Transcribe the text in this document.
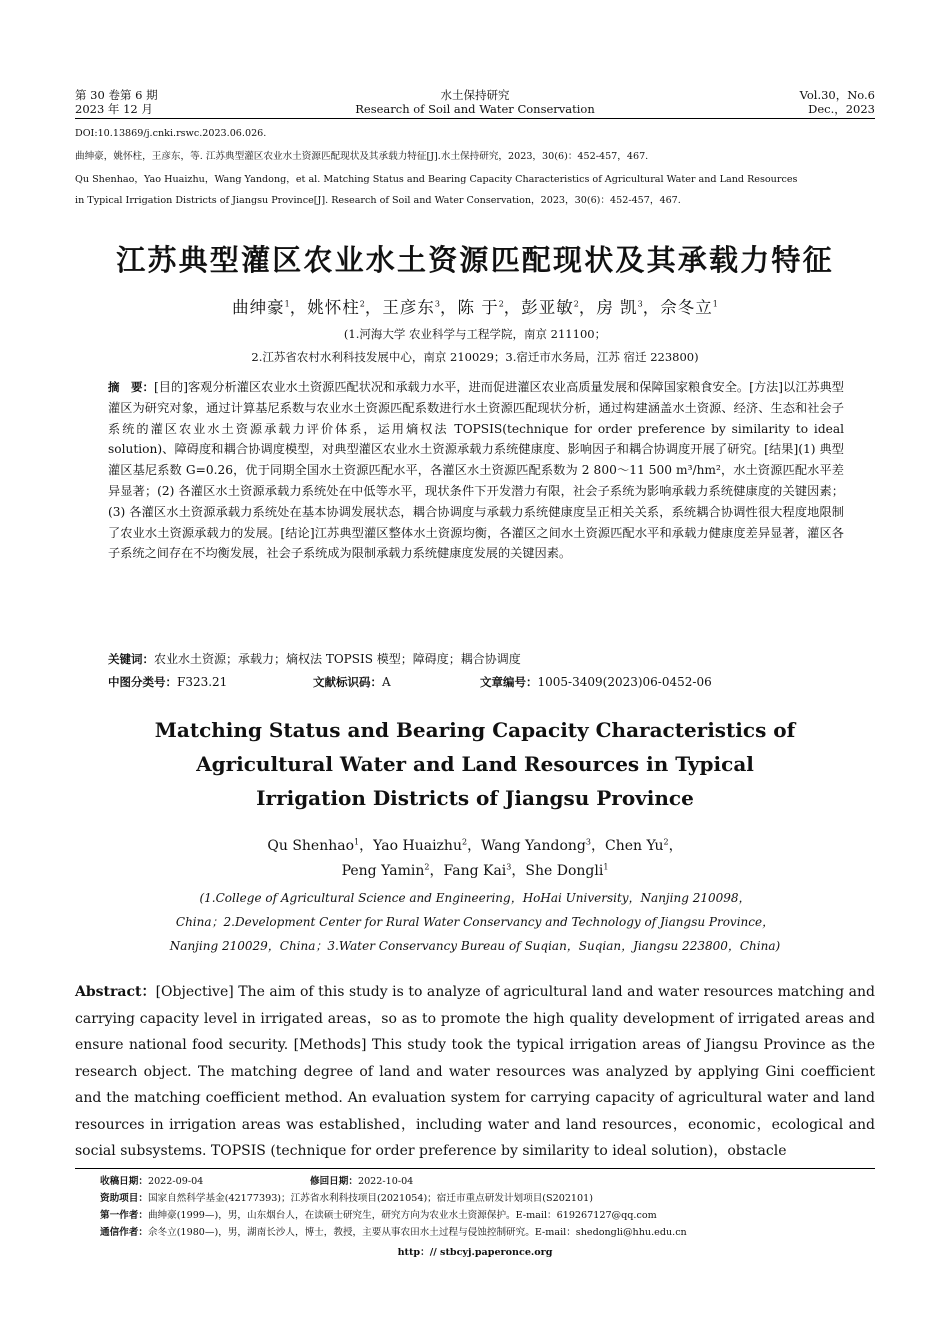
第 30 卷第 6 期
2023 年 12 月
水土保持研究
Research of Soil and Water Conservation
Vol.30，No.6
Dec.，2023
DOI:10.13869/j.cnki.rswc.2023.06.026.
曲绅豪，姚怀柱，王彦东，等. 江苏典型灌区农业水土资源匹配现状及其承载力特征[J].水土保持研究，2023，30(6)：452-457，467.
Qu Shenhao，Yao Huaizhu，Wang Yandong，et al. Matching Status and Bearing Capacity Characteristics of Agricultural Water and Land Resources
in Typical Irrigation Districts of Jiangsu Province[J]. Research of Soil and Water Conservation，2023，30(6)：452-457，467.
江苏典型灌区农业水土资源匹配现状及其承载力特征
曲绅豪$^1$，姚怀柱$^2$，王彦东$^3$，陈 于$^2$，彭亚敏$^2$，房 凯$^3$，佘冬立$^1$
(1.河海大学 农业科学与工程学院，南京 211100；
2.江苏省农村水利科技发展中心，南京 210029；3.宿迁市水务局，江苏 宿迁 223800)
摘　要：[目的]客观分析灌区农业水土资源匹配状况和承载力水平，进而促进灌区农业高质量发展和保障国家粮食安全。[方法]以江苏典型灌区为研究对象，通过计算基尼系数与农业水土资源匹配系数进行水土资源匹配现状分析，通过构建涵盖水土资源、经济、生态和社会子系统的灌区农业水土资源承载力评价体系，运用熵权法 TOPSIS(technique for order preference by similarity to ideal solution)、障碍度和耦合协调度模型，对典型灌区农业水土资源承载力系统健康度、影响因子和耦合协调度开展了研究。[结果](1) 典型灌区基尼系数 G=0.26，优于同期全国水土资源匹配水平，各灌区水土资源匹配系数为 2 800～11 500 m³/hm²，水土资源匹配水平差异显著；(2) 各灌区水土资源承载力系统处在中低等水平，现状条件下开发潜力有限，社会子系统为影响承载力系统健康度的关键因素；(3) 各灌区水土资源承载力系统处在基本协调发展状态，耦合协调度与承载力系统健康度呈正相关关系，系统耦合协调性很大程度地限制了农业水土资源承载力的发展。[结论]江苏典型灌区整体水土资源均衡，各灌区之间水土资源匹配水平和承载力健康度差异显著，灌区各子系统之间存在不均衡发展，社会子系统成为限制承载力系统健康度发展的关键因素。
关键词：农业水土资源；承载力；熵权法 TOPSIS 模型；障碍度；耦合协调度
中图分类号：F323.21	文献标识码：A	文章编号：1005-3409(2023)06-0452-06
Matching Status and Bearing Capacity Characteristics of
Agricultural Water and Land Resources in Typical
Irrigation Districts of Jiangsu Province
Qu Shenhao$^1$，Yao Huaizhu$^2$，Wang Yandong$^3$，Chen Yu$^2$，
Peng Yamin$^2$，Fang Kai$^3$，She Dongli$^1$
(1.College of Agricultural Science and Engineering，HoHai University，Nanjing 210098，
China；2.Development Center for Rural Water Conservancy and Technology of Jiangsu Province，
Nanjing 210029，China；3.Water Conservancy Bureau of Suqian，Suqian，Jiangsu 223800，China)
Abstract：[Objective] The aim of this study is to analyze of agricultural land and water resources matching and carrying capacity level in irrigated areas，so as to promote the high quality development of irrigated areas and ensure national food security. [Methods] This study took the typical irrigation areas of Jiangsu Province as the research object. The matching degree of land and water resources was analyzed by applying Gini coefficient and the matching coefficient method. An evaluation system for carrying capacity of agricultural water and land resources in irrigation areas was established，including water and land resources，economic，ecological and social subsystems. TOPSIS (technique for order preference by similarity to ideal solution)，obstacle
收稿日期：2022-09-04	修回日期：2022-10-04
资助项目：国家自然科学基金(42177393)；江苏省水利科技项目(2021054)；宿迁市重点研发计划项目(S202101)
第一作者：曲绅豪(1999—)，男，山东烟台人，在读硕士研究生，研究方向为农业水土资源保护。E-mail：619267127@qq.com
通信作者：佘冬立(1980—)，男，湖南长沙人，博士，教授，主要从事农田水土过程与侵蚀控制研究。E-mail：shedongli@hhu.edu.cn
http：// stbcyj.paperonce.org
